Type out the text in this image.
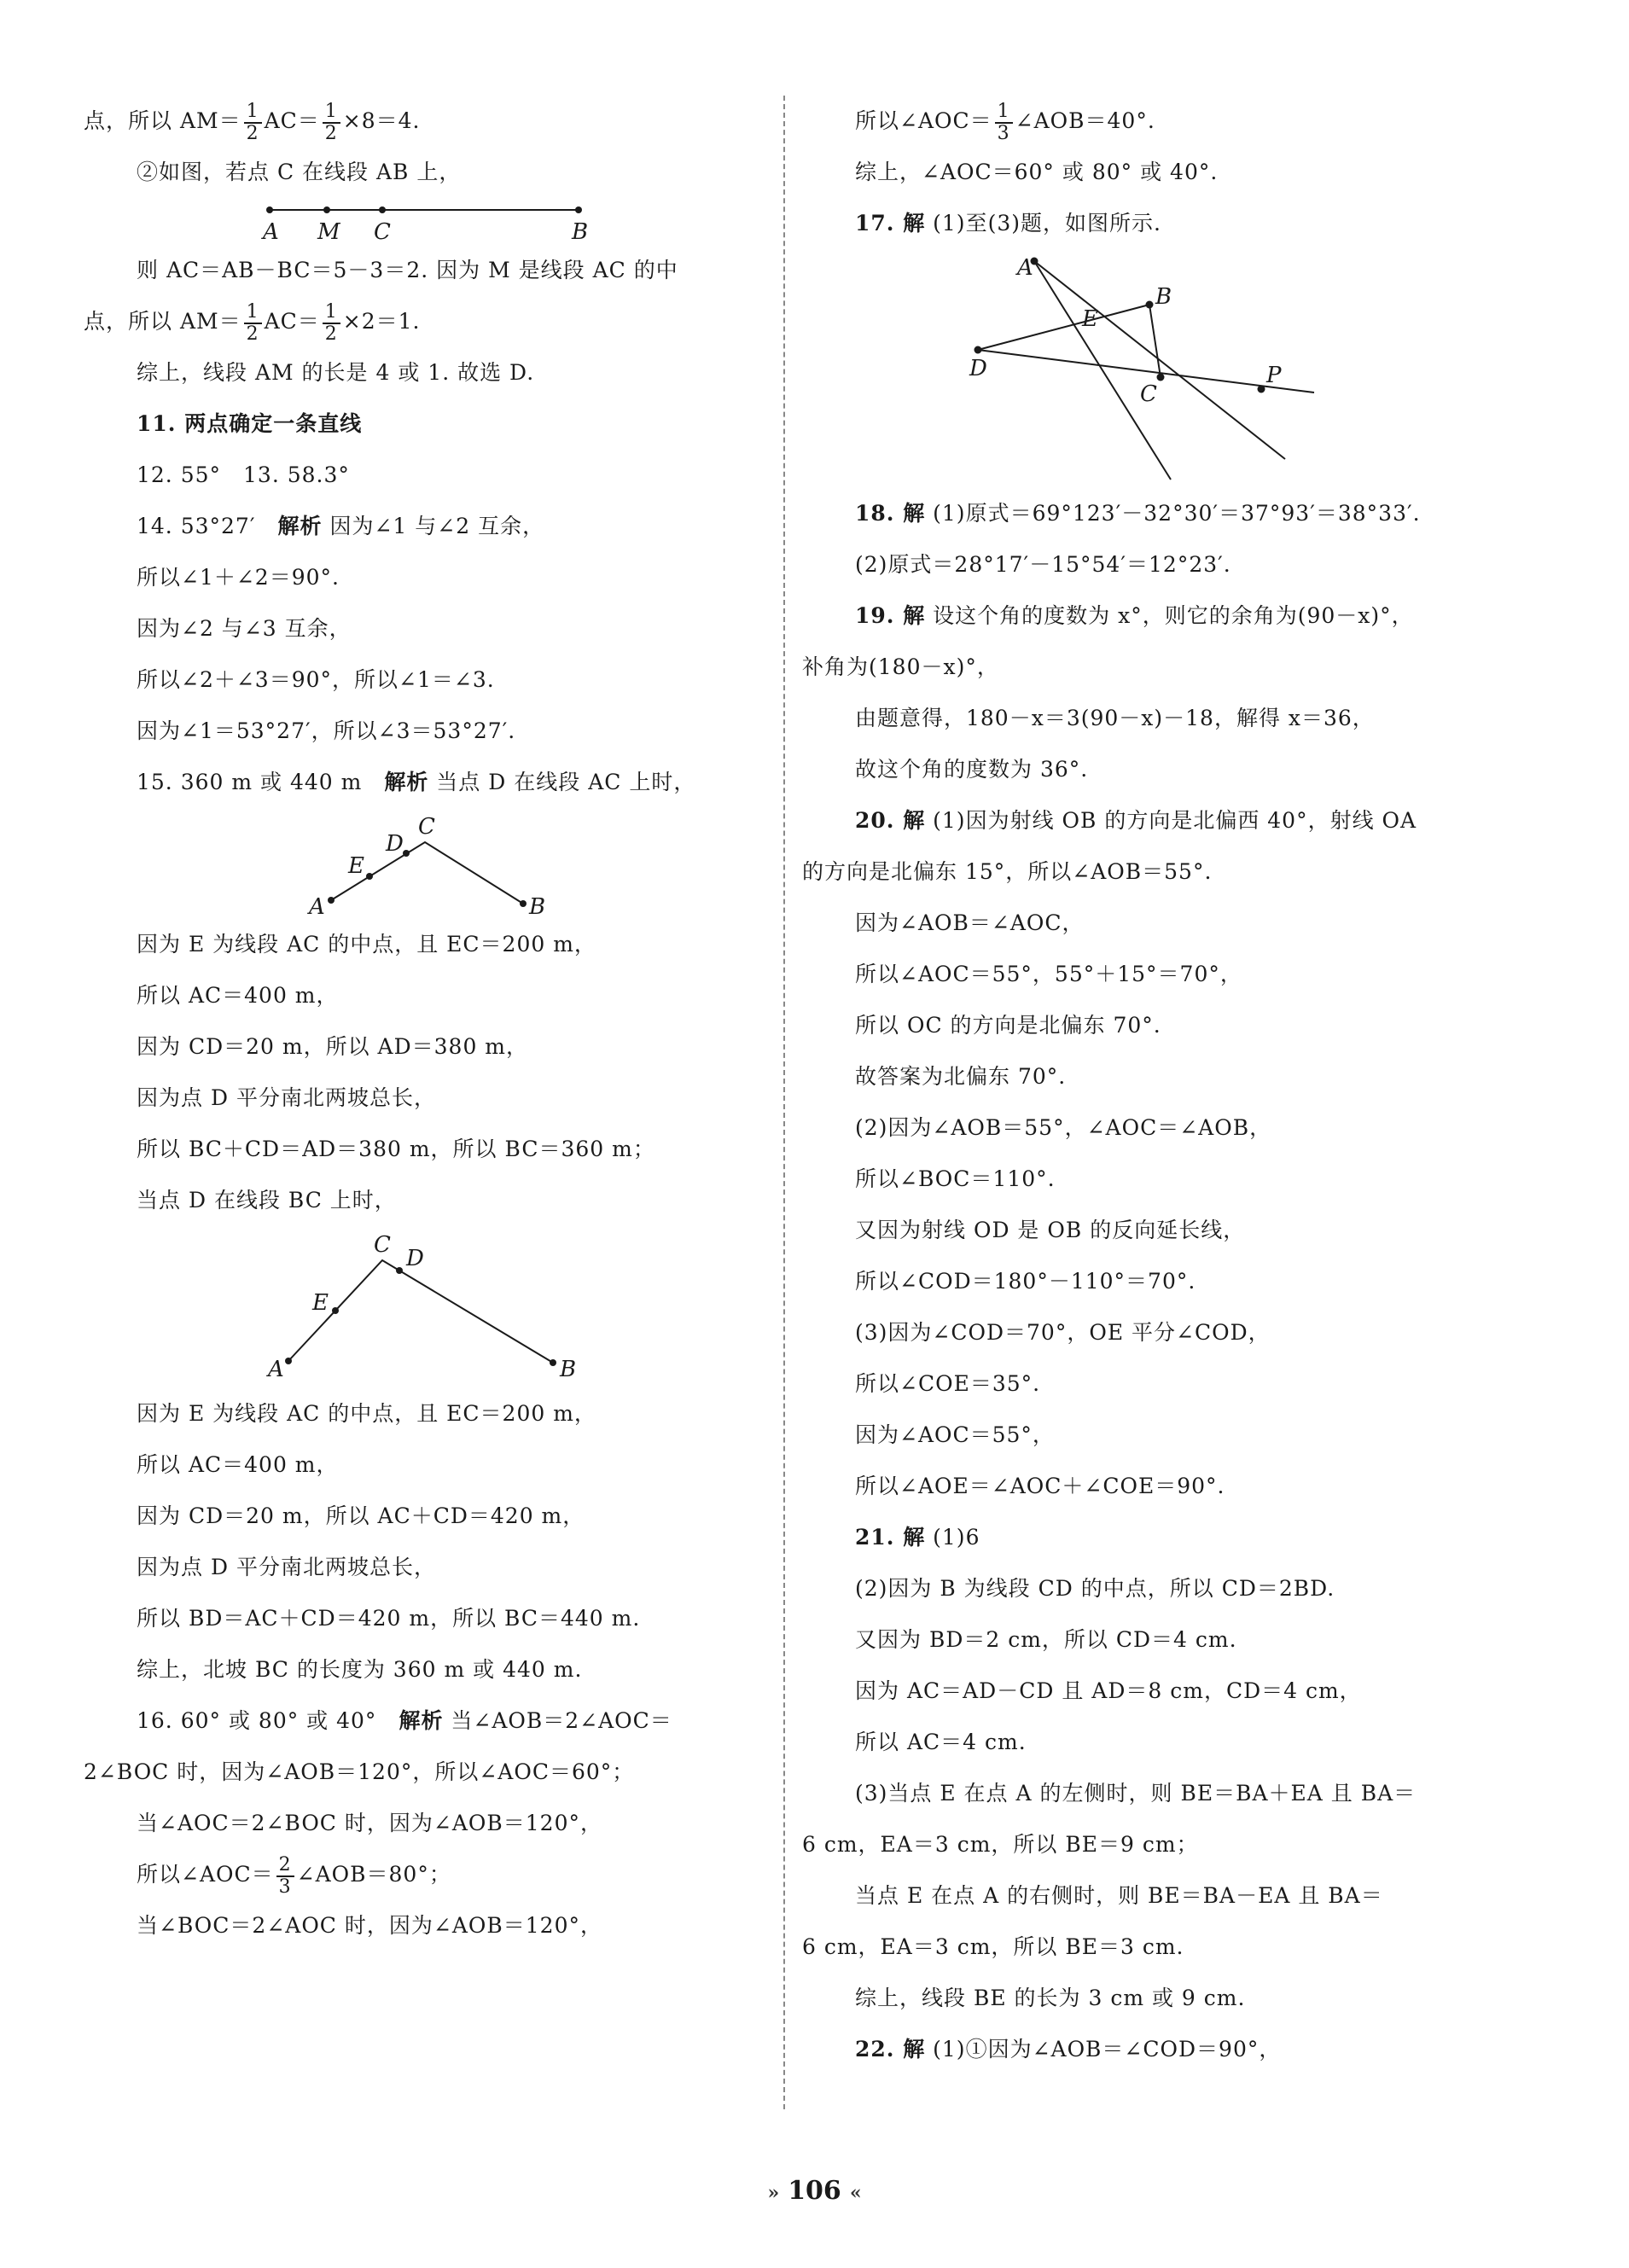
点，所以 $AM= \frac{1}{2} AC= \frac{1}{2} \times 8=4$.
②如图，若点 C 在线段 AB 上，
A M C	B
则 AC＝AB－BC＝5－3＝2. 因为 M 是线段 AC 的中
点，所以 $AM= \frac{1}{2} AC= \frac{1}{2} \times 2=1$.
综上，线段 AM 的长是 4 或 1. 故选 D.
11. 两点确定一条直线
12. 55°　13. 58.3°
14. 53°27′　解析 因为∠1 与∠2 互余，
所以∠1＋∠2＝90°.
因为∠2 与∠3 互余，
所以∠2＋∠3＝90°，所以∠1＝∠3.
因为∠1＝53°27′，所以∠3＝53°27′.
15. 360 m 或 440 m　解析 当点 D 在线段 AC 上时，
A
E
D
C
B
因为 E 为线段 AC 的中点，且 EC＝200 m，
所以 AC＝400 m，
因为 CD＝20 m，所以 AD＝380 m，
因为点 D 平分南北两坡总长，
所以 BC＋CD＝AD＝380 m，所以 BC＝360 m；
当点 D 在线段 BC 上时，
A
E
C
D
B
因为 E 为线段 AC 的中点，且 EC＝200 m，
所以 AC＝400 m，
因为 CD＝20 m，所以 AC＋CD＝420 m，
因为点 D 平分南北两坡总长，
所以 BD＝AC＋CD＝420 m，所以 BC＝440 m.
综上，北坡 BC 的长度为 360 m 或 440 m.
16. 60° 或 80° 或 40°　解析 当∠AOB＝2∠AOC＝
2∠BOC 时，因为∠AOB＝120°，所以∠AOC＝60°；
当∠AOC＝2∠BOC 时，因为∠AOB＝120°，
所以∠AOC＝ $\frac{2}{3}$ ∠AOB＝80°；
当∠BOC＝2∠AOC 时，因为∠AOB＝120°，
所以∠AOC＝ $\frac{1}{3}$ ∠AOB＝40°.
综上，∠AOC＝60° 或 80° 或 40°.
17. 解 (1)至(3)题，如图所示.
A
B
E
D
C
P
18. 解 (1)原式＝69°123′－32°30′＝37°93′＝38°33′.
(2)原式＝28°17′－15°54′＝12°23′.
19. 解 设这个角的度数为 x°，则它的余角为(90－x)°，
补角为(180－x)°，
由题意得，180－x＝3(90－x)－18，解得 x＝36，
故这个角的度数为 36°.
20. 解 (1)因为射线 OB 的方向是北偏西 40°，射线 OA
的方向是北偏东 15°，所以∠AOB＝55°.
因为∠AOB＝∠AOC，
所以∠AOC＝55°，55°＋15°＝70°，
所以 OC 的方向是北偏东 70°.
故答案为北偏东 70°.
(2)因为∠AOB＝55°，∠AOC＝∠AOB，
所以∠BOC＝110°.
又因为射线 OD 是 OB 的反向延长线，
所以∠COD＝180°－110°＝70°.
(3)因为∠COD＝70°，OE 平分∠COD，
所以∠COE＝35°.
因为∠AOC＝55°，
所以∠AOE＝∠AOC＋∠COE＝90°.
21. 解 (1)6
(2)因为 B 为线段 CD 的中点，所以 CD＝2BD.
又因为 BD＝2 cm，所以 CD＝4 cm.
因为 AC＝AD－CD 且 AD＝8 cm，CD＝4 cm，
所以 AC＝4 cm.
(3)当点 E 在点 A 的左侧时，则 BE＝BA＋EA 且 BA＝
6 cm，EA＝3 cm，所以 BE＝9 cm；
当点 E 在点 A 的右侧时，则 BE＝BA－EA 且 BA＝
6 cm，EA＝3 cm，所以 BE＝3 cm.
综上，线段 BE 的长为 3 cm 或 9 cm.
22. 解 (1)①因为∠AOB＝∠COD＝90°，
» 106 «
